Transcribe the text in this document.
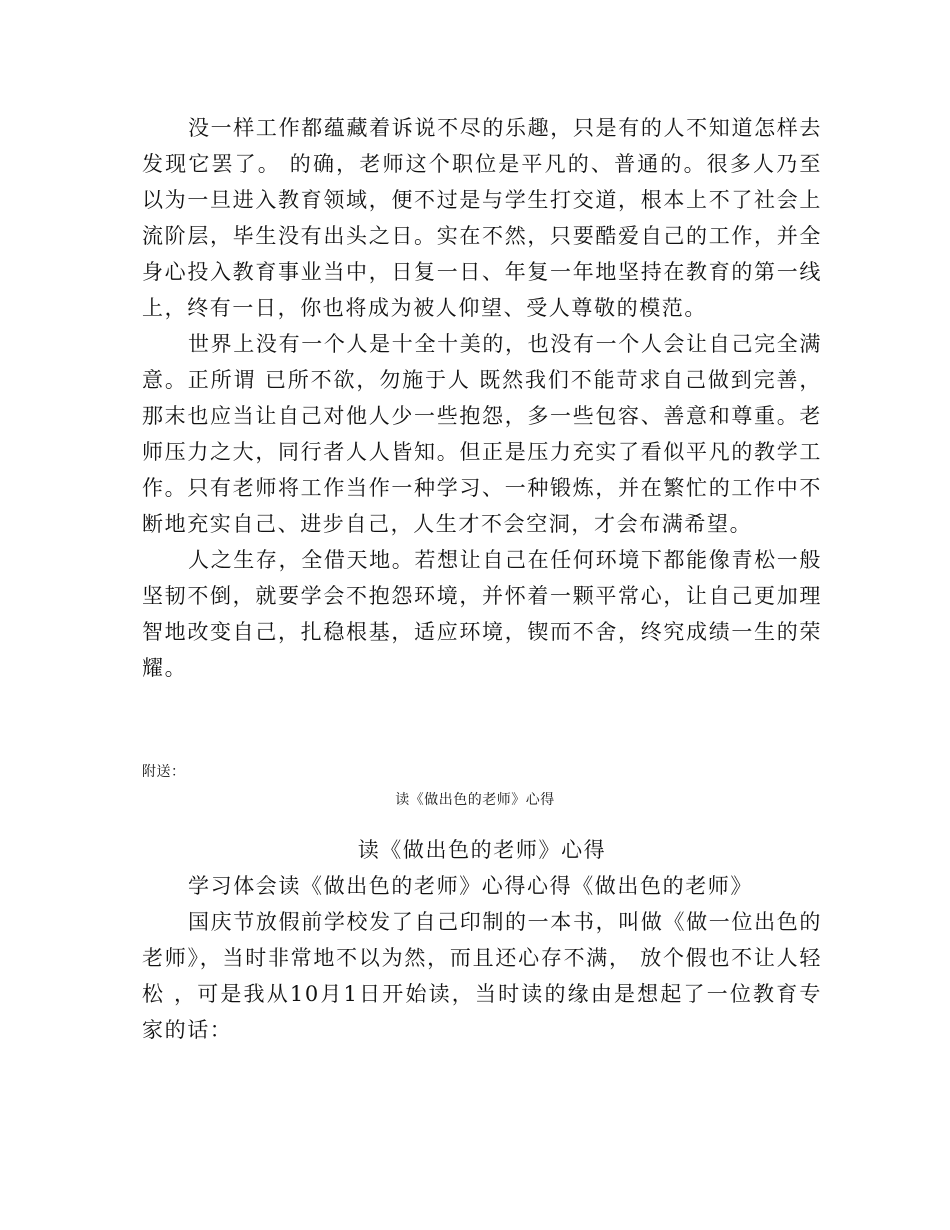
没一样工作都蕴藏着诉说不尽的乐趣，只是有的人不知道怎样去发现它罢了。 的确，老师这个职位是平凡的、普通的。很多人乃至以为一旦进入教育领域，便不过是与学生打交道，根本上不了社会上流阶层，毕生没有出头之日。实在不然，只要酷爱自己的工作，并全身心投入教育事业当中，日复一日、年复一年地坚持在教育的第一线上，终有一日，你也将成为被人仰望、受人尊敬的模范。

世界上没有一个人是十全十美的，也没有一个人会让自己完全满意。正所谓 已所不欲，勿施于人 既然我们不能苛求自己做到完善，那末也应当让自己对他人少一些抱怨，多一些包容、善意和尊重。老师压力之大，同行者人人皆知。但正是压力充实了看似平凡的教学工作。只有老师将工作当作一种学习、一种锻炼，并在繁忙的工作中不断地充实自己、进步自己，人生才不会空洞，才会布满希望。

人之生存，全借天地。若想让自己在任何环境下都能像青松一般坚韧不倒，就要学会不抱怨环境，并怀着一颗平常心，让自己更加理智地改变自己，扎稳根基，适应环境，锲而不舍，终究成绩一生的荣耀。

附送：
读《做出色的老师》心得
读《做出色的老师》心得

学习体会读《做出色的老师》心得心得《做出色的老师》

国庆节放假前学校发了自己印制的一本书，叫做《做一位出色的老师》，当时非常地不以为然，而且还心存不满， 放个假也不让人轻松 ，可是我从10月1日开始读，当时读的缘由是想起了一位教育专家的话：
